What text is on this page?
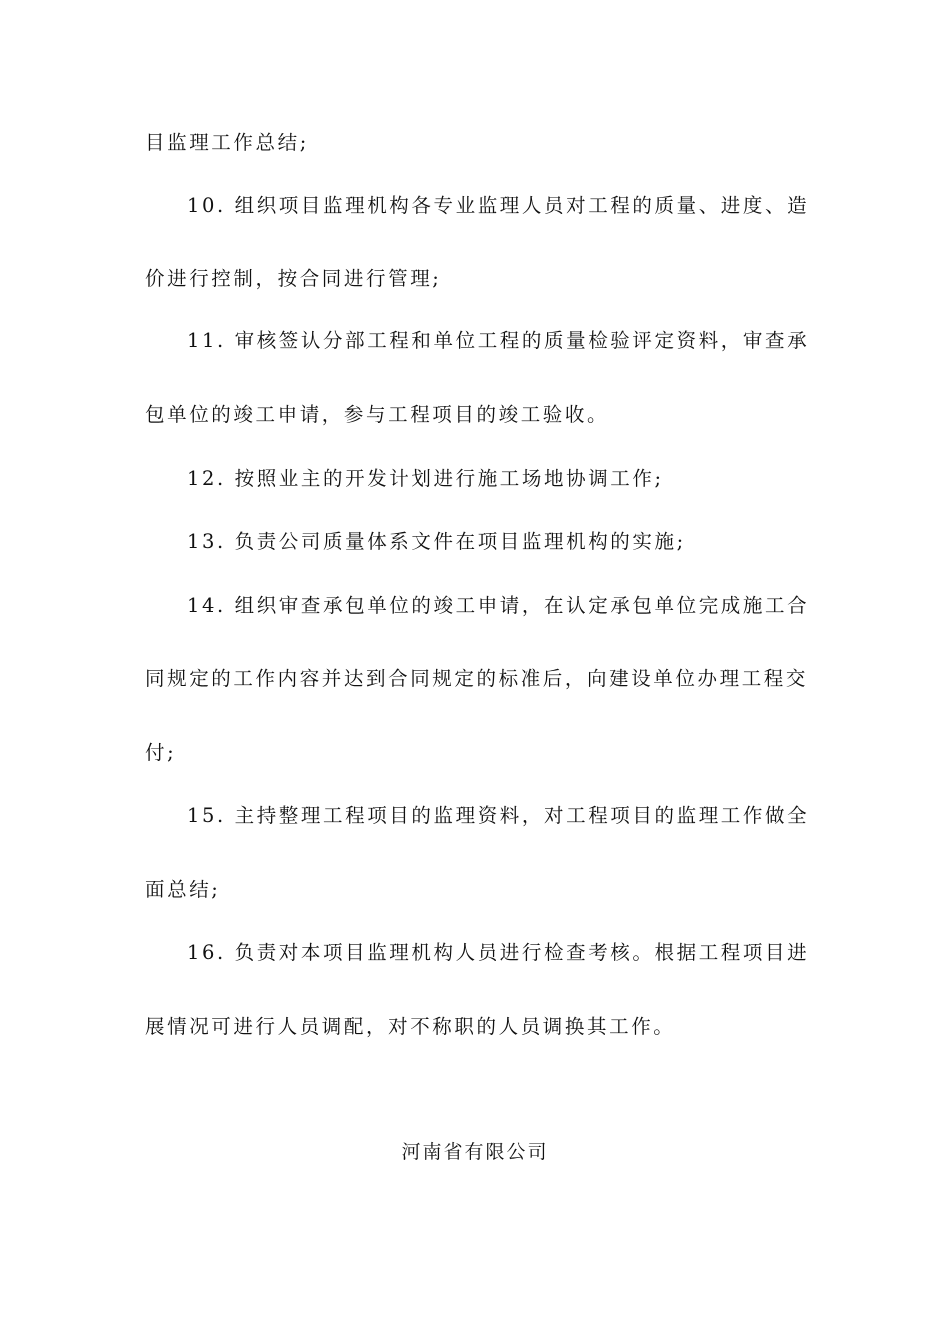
目监理工作总结;
10. 组织项目监理机构各专业监理人员对工程的质量、进度、造
价进行控制，按合同进行管理;
11. 审核签认分部工程和单位工程的质量检验评定资料，审查承
包单位的竣工申请，参与工程项目的竣工验收。
12. 按照业主的开发计划进行施工场地协调工作;
13. 负责公司质量体系文件在项目监理机构的实施;
14. 组织审查承包单位的竣工申请，在认定承包单位完成施工合
同规定的工作内容并达到合同规定的标准后，向建设单位办理工程交
付;
15. 主持整理工程项目的监理资料，对工程项目的监理工作做全
面总结;
16. 负责对本项目监理机构人员进行检查考核。根据工程项目进
展情况可进行人员调配，对不称职的人员调换其工作。
河南省有限公司
